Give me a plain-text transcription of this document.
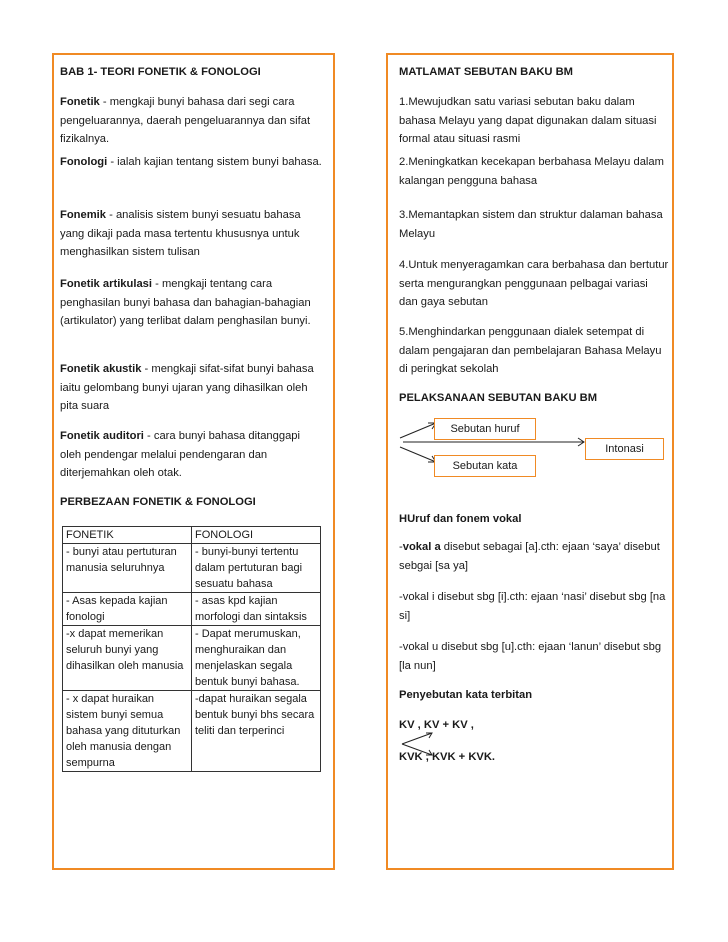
BAB 1- TEORI FONETIK & FONOLOGI
Fonetik - mengkaji bunyi bahasa dari segi cara pengeluarannya, daerah pengeluarannya dan sifat fizikalnya.
Fonologi - ialah kajian tentang sistem bunyi bahasa.
Fonemik - analisis sistem bunyi sesuatu bahasa yang dikaji pada masa tertentu khususnya untuk menghasilkan sistem tulisan
Fonetik artikulasi - mengkaji tentang cara penghasilan bunyi bahasa dan bahagian-bahagian (artikulator) yang terlibat dalam penghasilan bunyi.
Fonetik akustik - mengkaji sifat-sifat bunyi bahasa iaitu gelombang bunyi ujaran yang dihasilkan oleh pita suara
Fonetik auditori - cara bunyi bahasa ditanggapi oleh pendengar melalui pendengaran dan diterjemahkan oleh otak.
PERBEZAAN FONETIK & FONOLOGI
FONETIK	FONOLOGI
- bunyi atau pertuturan manusia seluruhnya	- bunyi-bunyi tertentu dalam pertuturan bagi sesuatu bahasa
- Asas kepada kajian fonologi	- asas kpd kajian morfologi dan sintaksis
-x dapat memerikan seluruh bunyi yang dihasilkan oleh manusia	- Dapat merumuskan, menghuraikan dan menjelaskan segala bentuk bunyi bahasa.
- x dapat huraikan sistem bunyi semua bahasa yang dituturkan oleh manusia dengan sempurna	-dapat huraikan segala bentuk bunyi bhs secara teliti dan terperinci
MATLAMAT SEBUTAN BAKU BM
1.Mewujudkan satu variasi sebutan baku dalam bahasa Melayu yang dapat digunakan dalam situasi formal atau situasi rasmi
2.Meningkatkan kecekapan berbahasa Melayu dalam kalangan pengguna bahasa
3.Memantapkan sistem dan struktur dalaman bahasa Melayu
4.Untuk menyeragamkan cara berbahasa dan bertutur serta mengurangkan penggunaan pelbagai variasi dan gaya sebutan
5.Menghindarkan penggunaan dialek setempat di dalam pengajaran dan pembelajaran Bahasa Melayu di peringkat sekolah
PELAKSANAAN SEBUTAN BAKU BM
Sebutan huruf
Sebutan kata
Intonasi
HUruf dan fonem vokal
-vokal a disebut sebagai [a].cth: ejaan ‘saya’ disebut sebgai [sa ya]
-vokal i disebut sbg [i].cth: ejaan ‘nasi’ disebut sbg [na si]
-vokal u disebut sbg [u].cth: ejaan ‘lanun’ disebut sbg [la nun]
Penyebutan kata terbitan
KV , KV + KV ,
KVK , KVK + KVK.
